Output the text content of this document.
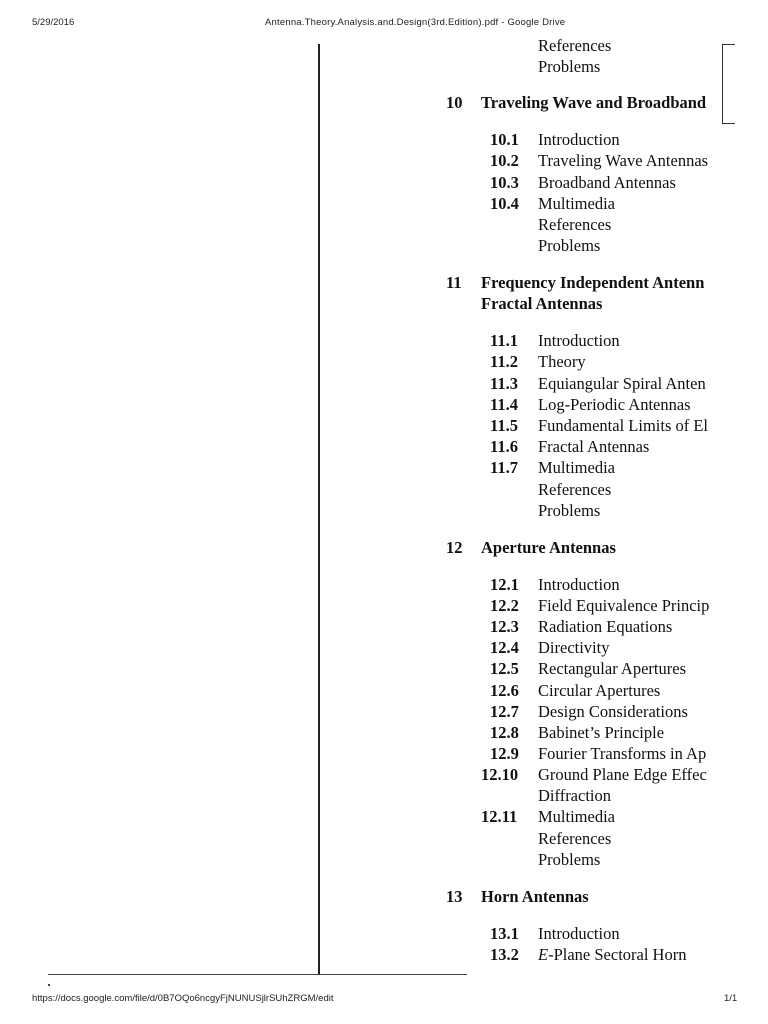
5/29/2016	Antenna.Theory.Analysis.and.Design(3rd.Edition).pdf - Google Drive
References
Problems
10 Traveling Wave and Broadband
10.1 Introduction
10.2 Traveling Wave Antennas
10.3 Broadband Antennas
10.4 Multimedia
References
Problems
11 Frequency Independent Antenn
Fractal Antennas
11.1 Introduction
11.2 Theory
11.3 Equiangular Spiral Anten
11.4 Log-Periodic Antennas
11.5 Fundamental Limits of El
11.6 Fractal Antennas
11.7 Multimedia
References
Problems
12 Aperture Antennas
12.1 Introduction
12.2 Field Equivalence Princip
12.3 Radiation Equations
12.4 Directivity
12.5 Rectangular Apertures
12.6 Circular Apertures
12.7 Design Considerations
12.8 Babinet’s Principle
12.9 Fourier Transforms in Ap
12.10 Ground Plane Edge Effec
Diffraction
12.11 Multimedia
References
Problems
13 Horn Antennas
13.1 Introduction
13.2 E-Plane Sectoral Horn
https://docs.google.com/file/d/0B7OQo6ncgyFjNUNUSjlrSUhZRGM/edit	1/1
